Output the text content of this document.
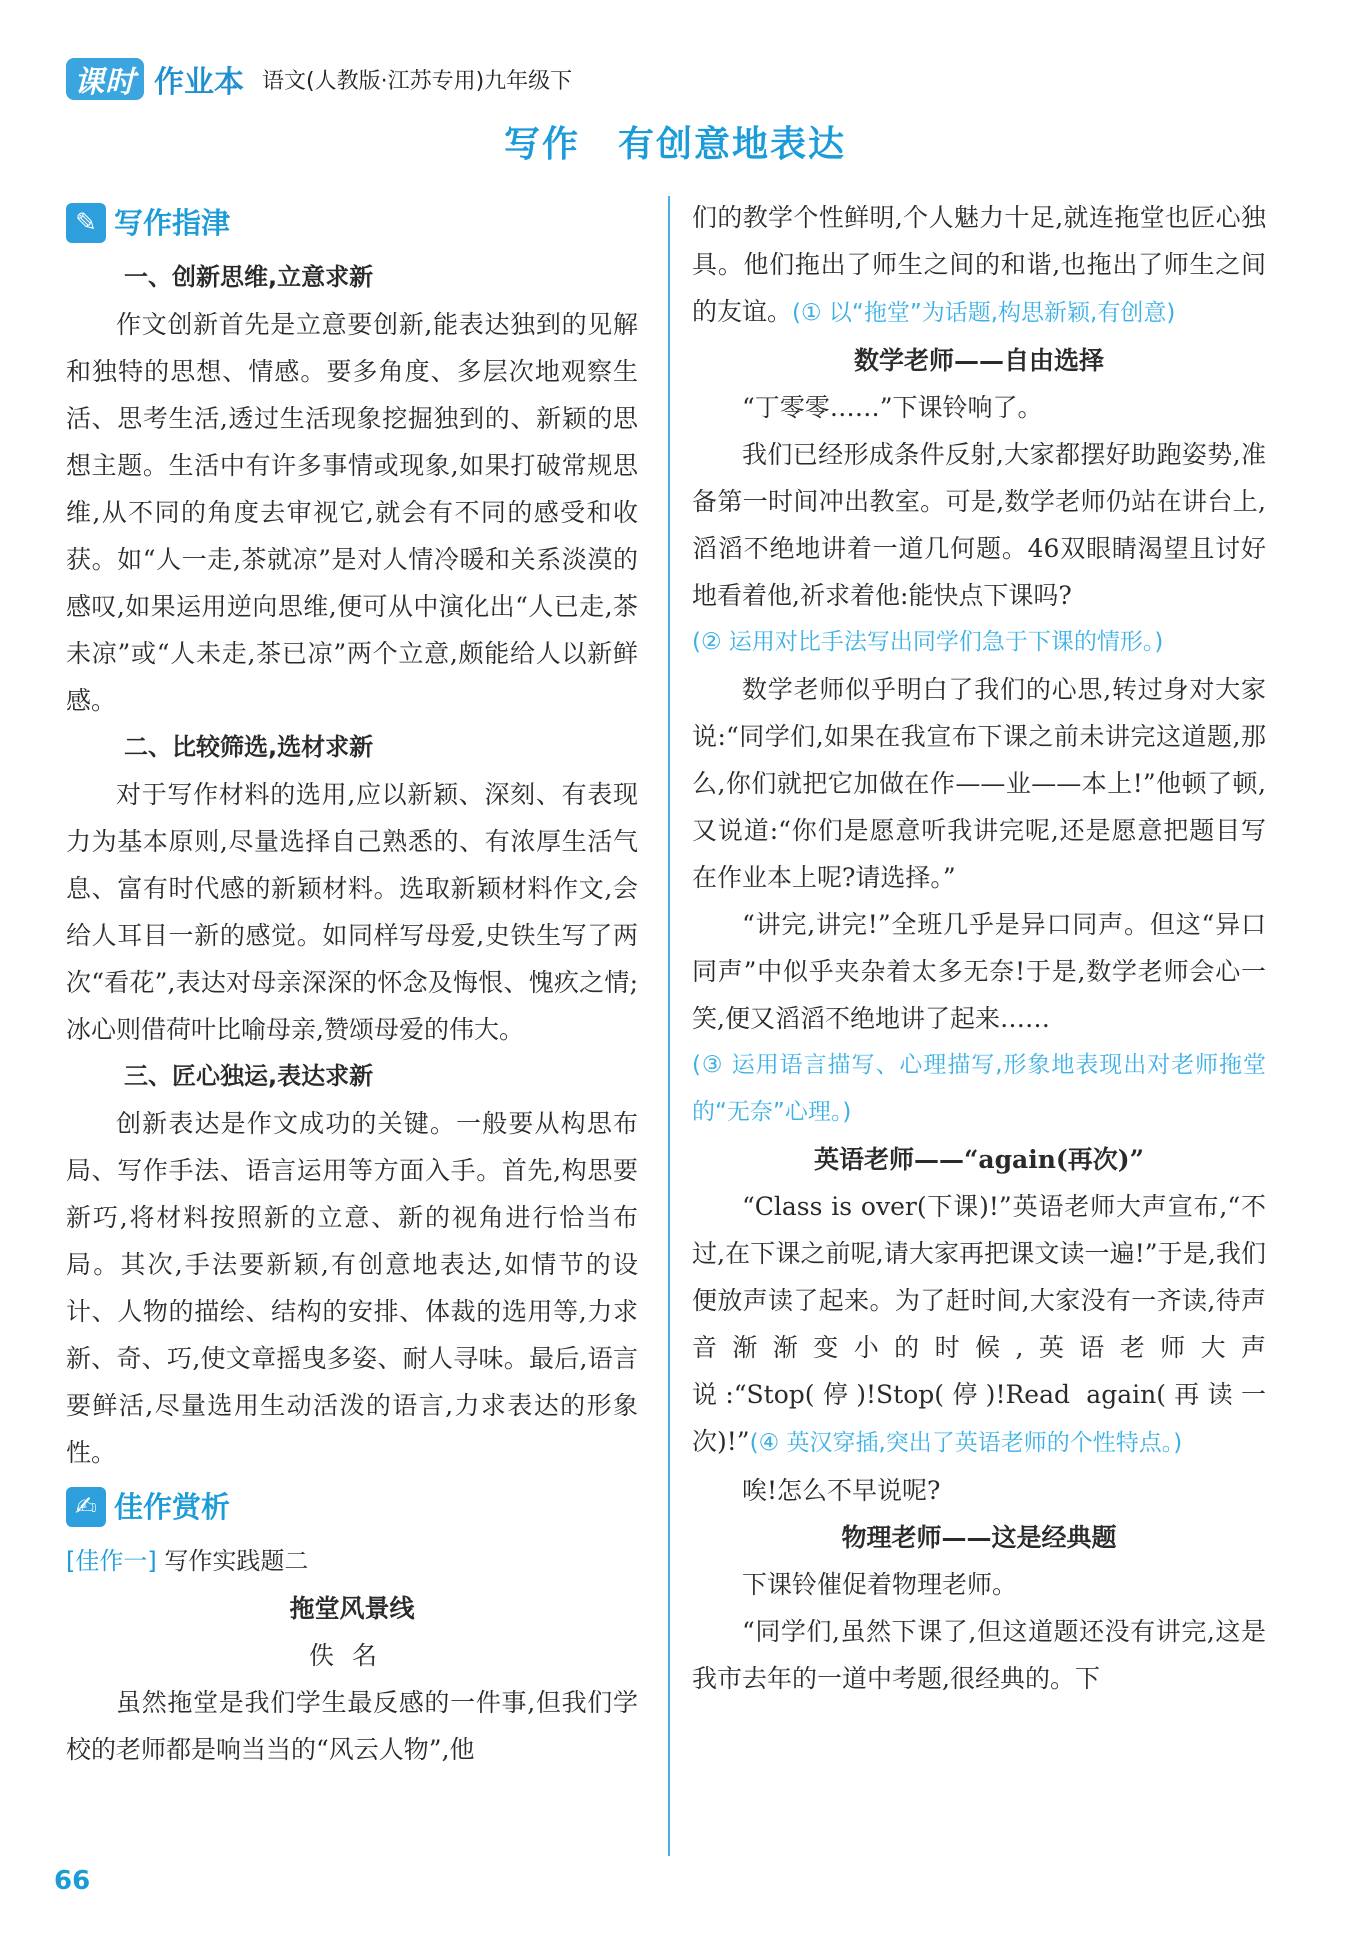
课时 作业本 语文(人教版·江苏专用)九年级下
写作　有创意地表达
✎ 写作指津
一、创新思维,立意求新

作文创新首先是立意要创新,能表达独到的见解和独特的思想、情感。要多角度、多层次地观察生活、思考生活,透过生活现象挖掘独到的、新颖的思想主题。生活中有许多事情或现象,如果打破常规思维,从不同的角度去审视它,就会有不同的感受和收获。如“人一走,茶就凉”是对人情冷暖和关系淡漠的感叹,如果运用逆向思维,便可从中演化出“人已走,茶未凉”或“人未走,茶已凉”两个立意,颇能给人以新鲜感。

二、比较筛选,选材求新

对于写作材料的选用,应以新颖、深刻、有表现力为基本原则,尽量选择自己熟悉的、有浓厚生活气息、富有时代感的新颖材料。选取新颖材料作文,会给人耳目一新的感觉。如同样写母爱,史铁生写了两次“看花”,表达对母亲深深的怀念及悔恨、愧疚之情;冰心则借荷叶比喻母亲,赞颂母爱的伟大。

三、匠心独运,表达求新

创新表达是作文成功的关键。一般要从构思布局、写作手法、语言运用等方面入手。首先,构思要新巧,将材料按照新的立意、新的视角进行恰当布局。其次,手法要新颖,有创意地表达,如情节的设计、人物的描绘、结构的安排、体裁的选用等,力求新、奇、巧,使文章摇曳多姿、耐人寻味。最后,语言要鲜活,尽量选用生动活泼的语言,力求表达的形象性。

✍ 佳作赏析
[佳作一] 写作实践题二

拖堂风景线

佚名

虽然拖堂是我们学生最反感的一件事,但我们学校的老师都是响当当的“风云人物”,他

们的教学个性鲜明,个人魅力十足,就连拖堂也匠心独具。他们拖出了师生之间的和谐,也拖出了师生之间的友谊。(① 以“拖堂”为话题,构思新颖,有创意)

数学老师——自由选择

“丁零零……”下课铃响了。

我们已经形成条件反射,大家都摆好助跑姿势,准备第一时间冲出教室。可是,数学老师仍站在讲台上,滔滔不绝地讲着一道几何题。46双眼睛渴望且讨好地看着他,祈求着他:能快点下课吗?

(② 运用对比手法写出同学们急于下课的情形。)

数学老师似乎明白了我们的心思,转过身对大家说:“同学们,如果在我宣布下课之前未讲完这道题,那么,你们就把它加做在作——业——本上!”他顿了顿,又说道:“你们是愿意听我讲完呢,还是愿意把题目写在作业本上呢?请选择。”

“讲完,讲完!”全班几乎是异口同声。但这“异口同声”中似乎夹杂着太多无奈!于是,数学老师会心一笑,便又滔滔不绝地讲了起来……

(③ 运用语言描写、心理描写,形象地表现出对老师拖堂的“无奈”心理。)

英语老师——“again(再次)”

“Class is over(下课)!”英语老师大声宣布,“不过,在下课之前呢,请大家再把课文读一遍!”于是,我们便放声读了起来。为了赶时间,大家没有一齐读,待声音渐渐变小的时候,英语老师大声说:“Stop(停)!Stop(停)!Read again(再读一次)!”(④ 英汉穿插,突出了英语老师的个性特点。)

唉!怎么不早说呢?

物理老师——这是经典题

下课铃催促着物理老师。

“同学们,虽然下课了,但这道题还没有讲完,这是我市去年的一道中考题,很经典的。下

66
